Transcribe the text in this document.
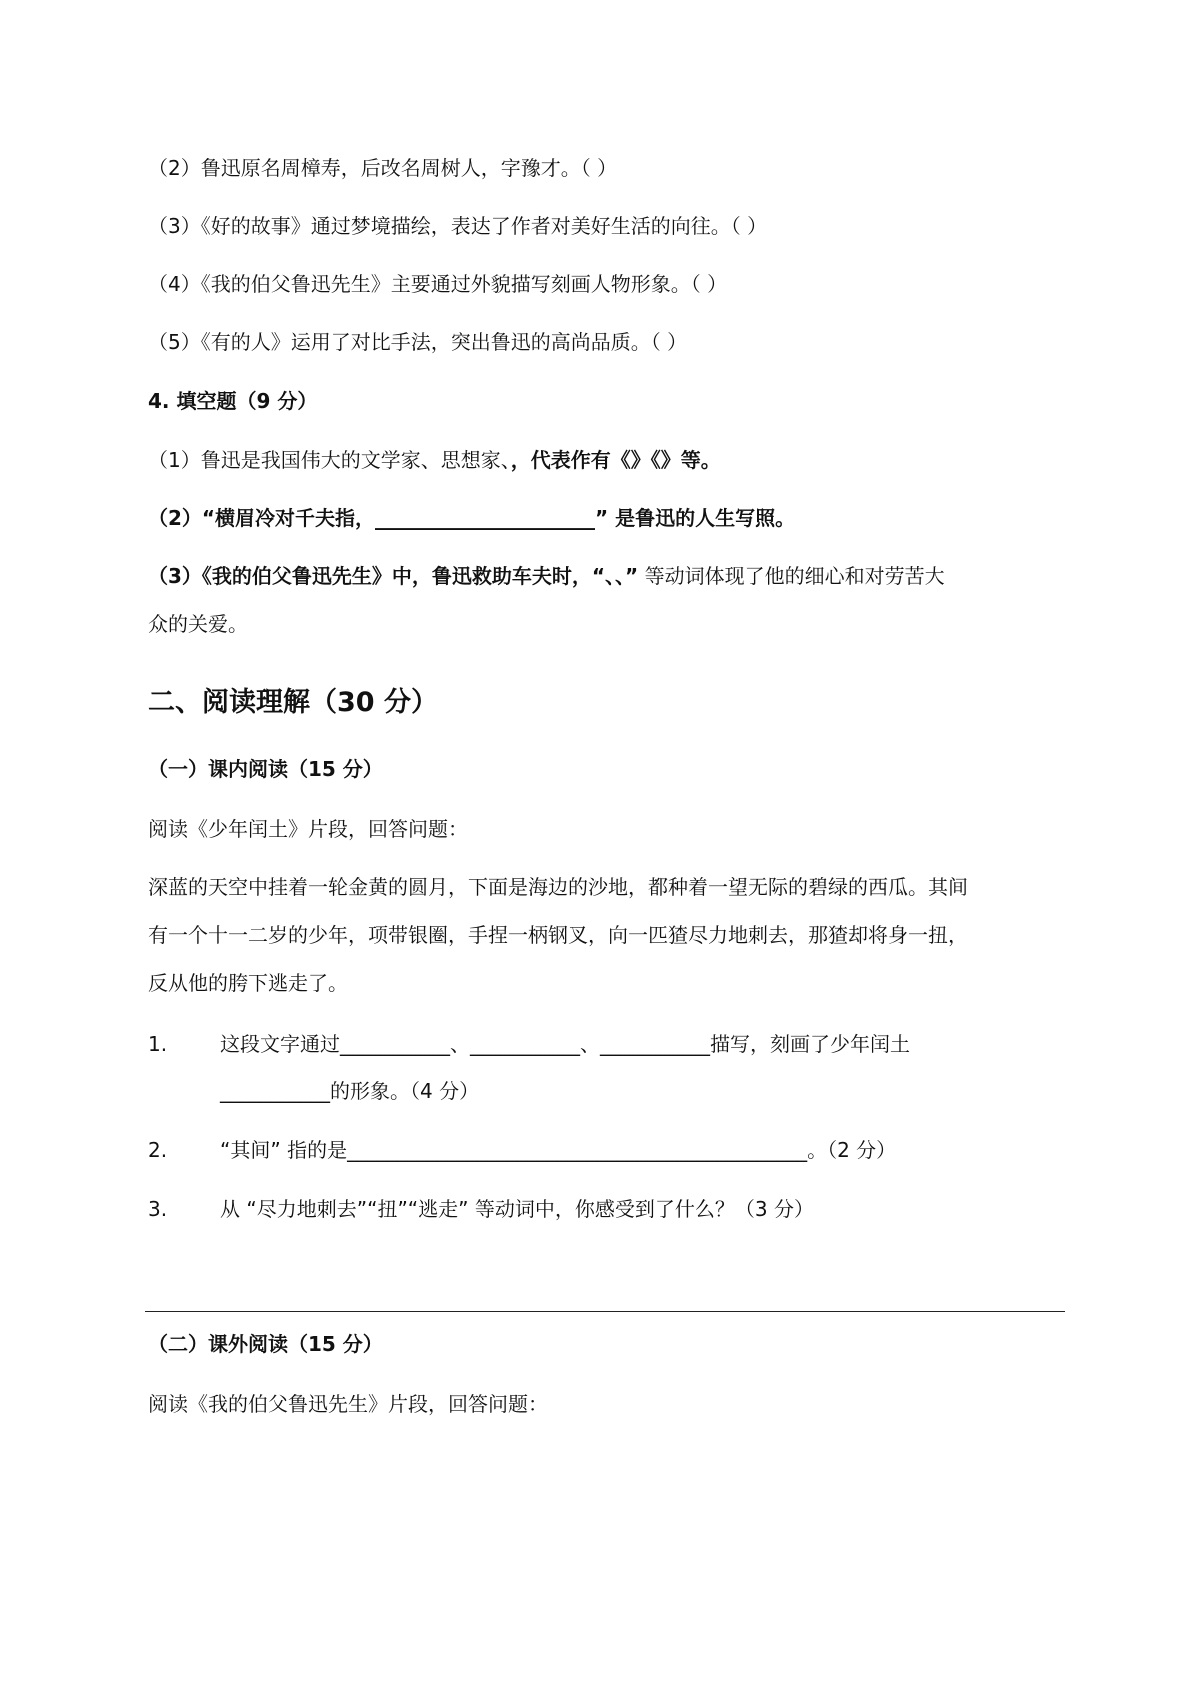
（2）鲁迅原名周樟寿，后改名周树人，字豫才。（ ）
（3）《好的故事》通过梦境描绘，表达了作者对美好生活的向往。（ ）
（4）《我的伯父鲁迅先生》主要通过外貌描写刻画人物形象。（ ）
（5）《有的人》运用了对比手法，突出鲁迅的高尚品质。（ ）
4. 填空题（9 分）
（1）鲁迅是我国伟大的文学家、思想家、，代表作有《》《》等。
（2）“横眉冷对千夫指，______________________” 是鲁迅的人生写照。
（3）《我的伯父鲁迅先生》中，鲁迅救助车夫时，“、、” 等动词体现了他的细心和对劳苦大
众的关爱。
二、阅读理解（30 分）
（一）课内阅读（15 分）
阅读《少年闰土》片段，回答问题：
深蓝的天空中挂着一轮金黄的圆月，下面是海边的沙地，都种着一望无际的碧绿的西瓜。其间
有一个十一二岁的少年，项带银圈，手捏一柄钢叉，向一匹猹尽力地刺去，那猹却将身一扭，
反从他的胯下逃走了。
1.	这段文字通过___________、___________、___________描写，刻画了少年闰土
___________的形象。（4 分）
2.	“其间” 指的是______________________________________________。（2 分）
3.	从 “尽力地刺去”“扭”“逃走” 等动词中，你感受到了什么？（3 分）
（二）课外阅读（15 分）
阅读《我的伯父鲁迅先生》片段，回答问题：
